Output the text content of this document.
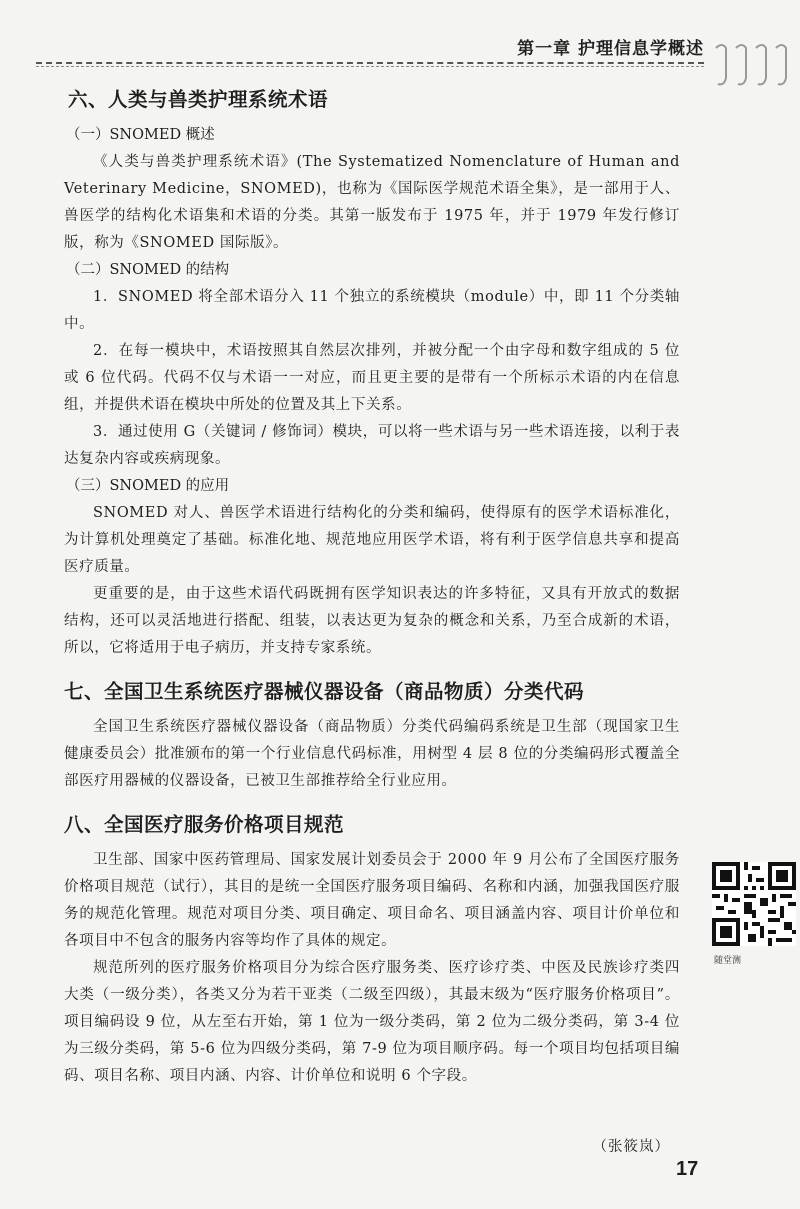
第一章 护理信息学概述
六、人类与兽类护理系统术语
（一）SNOMED 概述

《人类与兽类护理系统术语》(The Systematized Nomenclature of Human and Veterinary Medicine，SNOMED)，也称为《国际医学规范术语全集》，是一部用于人、兽医学的结构化术语集和术语的分类。其第一版发布于 1975 年，并于 1979 年发行修订版，称为《SNOMED 国际版》。

（二）SNOMED 的结构

1．SNOMED 将全部术语分入 11 个独立的系统模块（module）中，即 11 个分类轴中。

2．在每一模块中，术语按照其自然层次排列，并被分配一个由字母和数字组成的 5 位或 6 位代码。代码不仅与术语一一对应，而且更主要的是带有一个所标示术语的内在信息组，并提供术语在模块中所处的位置及其上下关系。

3．通过使用 G（关键词 / 修饰词）模块，可以将一些术语与另一些术语连接，以利于表达复杂内容或疾病现象。

（三）SNOMED 的应用

SNOMED 对人、兽医学术语进行结构化的分类和编码，使得原有的医学术语标准化，为计算机处理奠定了基础。标准化地、规范地应用医学术语，将有利于医学信息共享和提高医疗质量。

更重要的是，由于这些术语代码既拥有医学知识表达的许多特征，又具有开放式的数据结构，还可以灵活地进行搭配、组装，以表达更为复杂的概念和关系，乃至合成新的术语，所以，它将适用于电子病历，并支持专家系统。

七、全国卫生系统医疗器械仪器设备（商品物质）分类代码

全国卫生系统医疗器械仪器设备（商品物质）分类代码编码系统是卫生部（现国家卫生健康委员会）批准颁布的第一个行业信息代码标准，用树型 4 层 8 位的分类编码形式覆盖全部医疗用器械的仪器设备，已被卫生部推荐给全行业应用。

八、全国医疗服务价格项目规范

卫生部、国家中医药管理局、国家发展计划委员会于 2000 年 9 月公布了全国医疗服务价格项目规范（试行），其目的是统一全国医疗服务项目编码、名称和内涵，加强我国医疗服务的规范化管理。规范对项目分类、项目确定、项目命名、项目涵盖内容、项目计价单位和各项目中不包含的服务内容等均作了具体的规定。

规范所列的医疗服务价格项目分为综合医疗服务类、医疗诊疗类、中医及民族诊疗类四大类（一级分类），各类又分为若干亚类（二级至四级），其最末级为“医疗服务价格项目”。项目编码设 9 位，从左至右开始，第 1 位为一级分类码，第 2 位为二级分类码，第 3-4 位为三级分类码，第 5-6 位为四级分类码，第 7-9 位为项目顺序码。每一个项目均包括项目编码、项目名称、项目内涵、内容、计价单位和说明 6 个字段。

（张筱岚）
随堂测
17
